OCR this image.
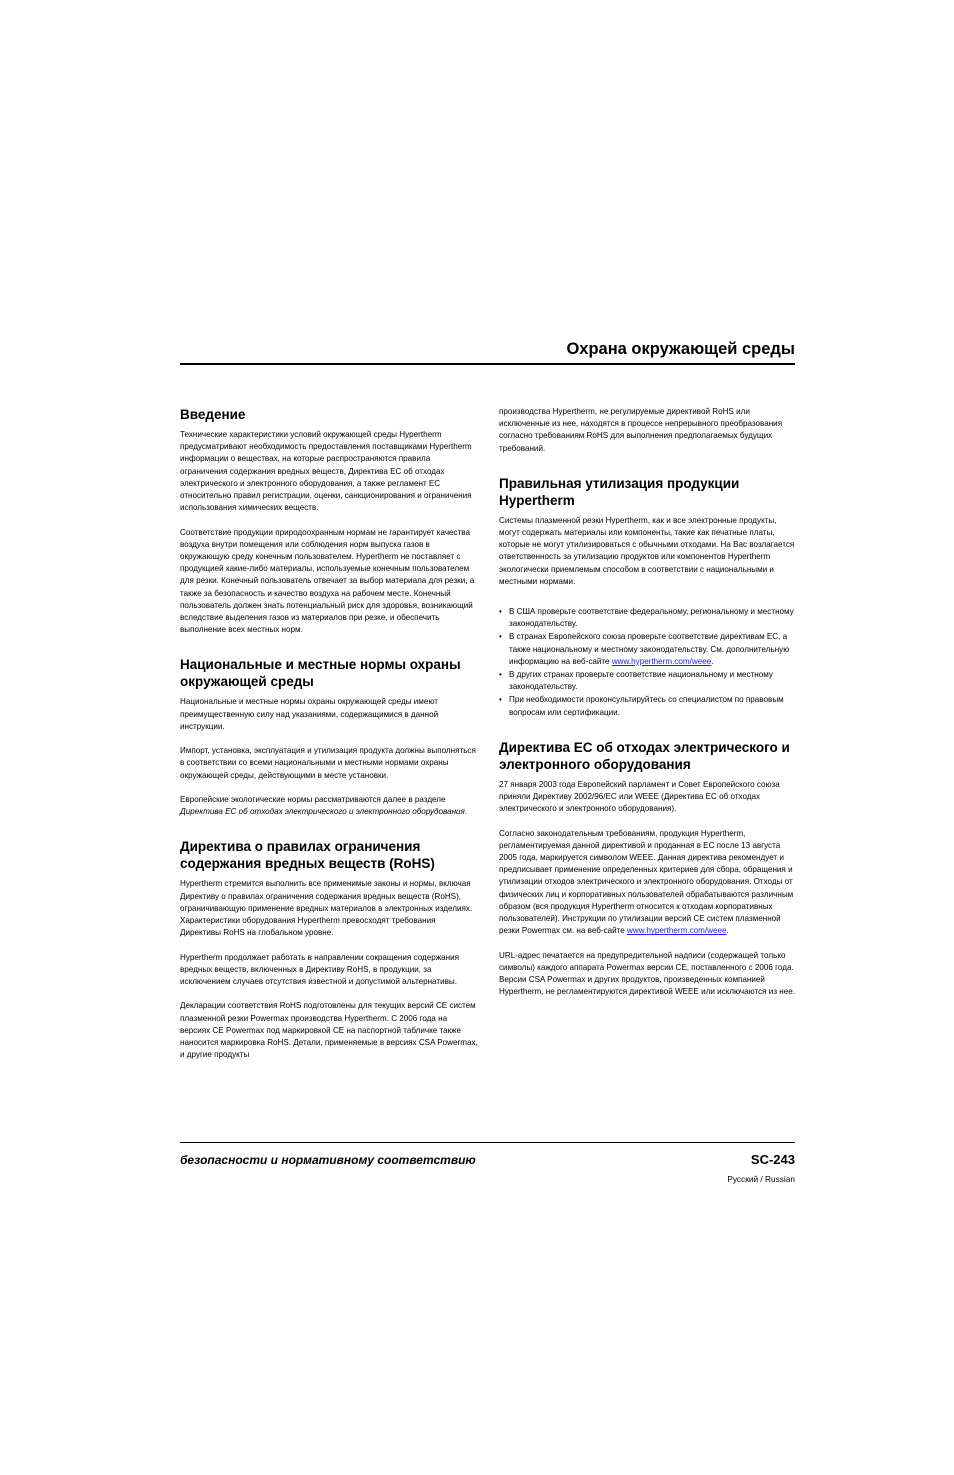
Охрана окружающей среды
Введение

Технические характеристики условий окружающей среды Hypertherm предусматривают необходимость предоставления поставщиками Hypertherm информации о веществах, на которые распространяются правила ограничения содержания вредных веществ, Директива ЕС об отходах электрического и электронного оборудования, а также регламент ЕС относительно правил регистрации, оценки, санкционирования и ограничения использования химических веществ.

Соответствие продукции природоохранным нормам не гарантирует качества воздуха внутри помещения или соблюдения норм выпуска газов в окружающую среду конечным пользователем. Hypertherm не поставляет с продукцией какие-либо материалы, используемые конечным пользователем для резки. Конечный пользователь отвечает за выбор материала для резки, а также за безопасность и качество воздуха на рабочем месте. Конечный пользователь должен знать потенциальный риск для здоровья, возникающий вследствие выделения газов из материалов при резке, и обеспечить выполнение всех местных норм.

Национальные и местные нормы охраны окружающей среды

Национальные и местные нормы охраны окружающей среды имеют преимущественную силу над указаниями, содержащимися в данной инструкции.

Импорт, установка, эксплуатация и утилизация продукта должны выполняться в соответствии со всеми национальными и местными нормами охраны окружающей среды, действующими в месте установки.

Европейские экологические нормы рассматриваются далее в разделе Директива ЕС об отходах электрического и электронного оборудования.

Директива о правилах ограничения содержания вредных веществ (RoHS)

Hypertherm стремится выполнить все применимые законы и нормы, включая Директиву о правилах ограничения содержания вредных веществ (RoHS), ограничивающую применение вредных материалов в электронных изделиях. Характеристики оборудования Hypertherm превосходят требования Директивы RoHS на глобальном уровне.

Hypertherm продолжает работать в направлении сокращения содержания вредных веществ, включенных в Директиву RoHS, в продукции, за исключением случаев отсутствия известной и допустимой альтернативы.

Декларации соответствия RoHS подготовлены для текущих версий CE систем плазменной резки Powermax производства Hypertherm. С 2006 года на версиях CE Powermax под маркировкой CE на паспортной табличке также наносится маркировка RoHS. Детали, применяемые в версиях CSA Powermax, и другие продукты

производства Hypertherm, не регулируемые директивой RoHS или исключенные из нее, находятся в процессе непрерывного преобразования согласно требованиям RoHS для выполнения предполагаемых будущих требований.

Правильная утилизация продукции Hypertherm

Системы плазменной резки Hypertherm, как и все электронные продукты, могут содержать материалы или компоненты, такие как печатные платы, которые не могут утилизироваться с обычными отходами. На Вас возлагается ответственность за утилизацию продуктов или компонентов Hypertherm экологически приемлемым способом в соответствии с национальными и местными нормами.

• В США проверьте соответствие федеральному, региональному и местному законодательству.
• В странах Европейского союза проверьте соответствие директивам ЕС, а также национальному и местному законодательству. См. дополнительную информацию на веб-сайте www.hypertherm.com/weee.
• В других странах проверьте соответствие национальному и местному законодательству.
• При необходимости проконсультируйтесь со специалистом по правовым вопросам или сертификации.
Директива ЕС об отходах электрического и электронного оборудования

27 января 2003 года Европейский парламент и Совет Европейского союза приняли Директиву 2002/96/EC или WEEE (Директива ЕС об отходах электрического и электронного оборудования).

Согласно законодательным требованиям, продукция Hypertherm, регламентируемая данной директивой и проданная в ЕС после 13 августа 2005 года, маркируется символом WEEE. Данная директива рекомендует и предписывает применение определенных критериев для сбора, обращения и утилизации отходов электрического и электронного оборудования. Отходы от физических лиц и корпоративных пользователей обрабатываются различным образом (вся продукция Hypertherm относится к отходам корпоративных пользователей). Инструкции по утилизации версий CE систем плазменной резки Powermax см. на веб-сайте www.hypertherm.com/weee.

URL-адрес печатается на предупредительной надписи (содержащей только символы) каждого аппарата Powermax версии CE, поставленного с 2006 года. Версии CSA Powermax и других продуктов, произведенных компанией Hypertherm, не регламентируются директивой WEEE или исключаются из нее.

безопасности и нормативному соответствию	SC-243
Русский / Russian
